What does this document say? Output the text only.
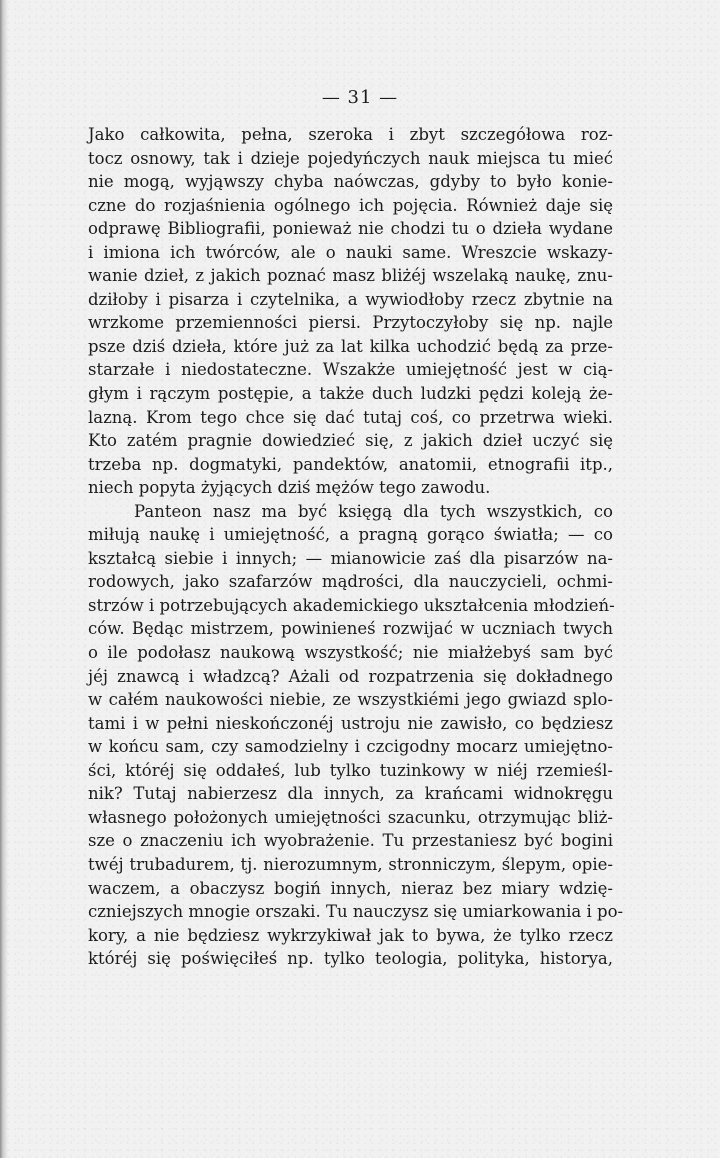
— 31 —
Jako całkowita, pełna, szeroka i zbyt szczegółowa roz-
tocz osnowy, tak i dzieje pojedyńczych nauk miejsca tu mieć
nie mogą, wyjąwszy chyba naówczas, gdyby to było konie-
czne do rozjaśnienia ogólnego ich pojęcia. Również daje się
odprawę Bibliografii, ponieważ nie chodzi tu o dzieła wydane
i imiona ich twórców, ale o nauki same. Wreszcie wskazy-
wanie dzieł, z jakich poznać masz bliżéj wszelaką naukę, znu-
dziłoby i pisarza i czytelnika, a wywiodłoby rzecz zbytnie na
wrzkome przemienności piersi. Przytoczyłoby się np. najle
psze dziś dzieła, które już za lat kilka uchodzić będą za prze-
starzałe i niedostateczne. Wszakże umiejętność jest w cią-
głym i rączym postępie, a także duch ludzki pędzi koleją że-
lazną. Krom tego chce się dać tutaj coś, co przetrwa wieki.
Kto zatém pragnie dowiedzieć się, z jakich dzieł uczyć się
trzeba np. dogmatyki, pandektów, anatomii, etnografii itp.,
niech popyta żyjących dziś mężów tego zawodu.
Panteon nasz ma być księgą dla tych wszystkich, co
miłują naukę i umiejętność, a pragną gorąco światła; — co
kształcą siebie i innych; — mianowicie zaś dla pisarzów na-
rodowych, jako szafarzów mądrości, dla nauczycieli, ochmi-
strzów i potrzebujących akademickiego ukształcenia młodzień-
ców. Będąc mistrzem, powinieneś rozwijać w uczniach twych
o ile podołasz naukową wszystkość; nie miałżebyś sam być
jéj znawcą i władzcą? Ażali od rozpatrzenia się dokładnego
w całém naukowości niebie, ze wszystkiémi jego gwiazd splo-
tami i w pełni nieskończonéj ustroju nie zawisło, co będziesz
w końcu sam, czy samodzielny i czcigodny mocarz umiejętno-
ści, któréj się oddałeś, lub tylko tuzinkowy w niéj rzemieśl-
nik? Tutaj nabierzesz dla innych, za krańcami widnokręgu
własnego położonych umiejętności szacunku, otrzymując bliż-
sze o znaczeniu ich wyobrażenie. Tu przestaniesz być bogini
twéj trubadurem, tj. nierozumnym, stronniczym, ślepym, opie-
waczem, a obaczysz bogiń innych, nieraz bez miary wdzię-
czniejszych mnogie orszaki. Tu nauczysz się umiarkowania i po-
kory, a nie będziesz wykrzykiwał jak to bywa, że tylko rzecz
któréj się poświęciłeś np. tylko teologia, polityka, historya,
